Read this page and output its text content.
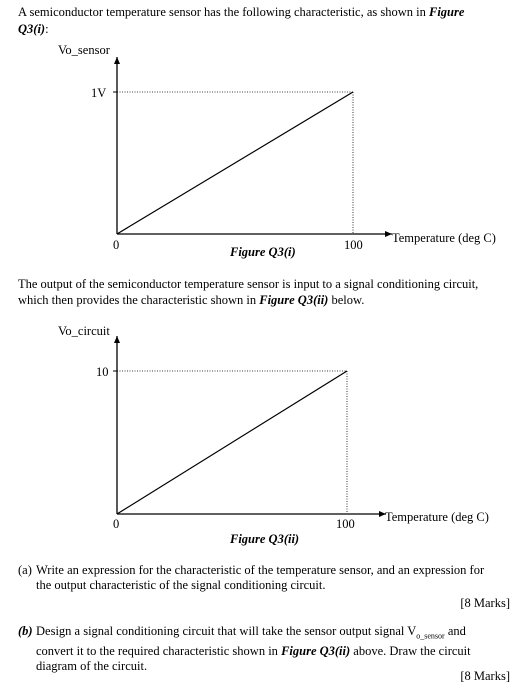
A semiconductor temperature sensor has the following characteristic, as shown in Figure
Q3(i):
Vo_sensor
1V
0	100 Temperature (deg C)
Figure Q3(i)
The output of the semiconductor temperature sensor is input to a signal conditioning circuit,
which then provides the characteristic shown in Figure Q3(ii) below.
Vo_circuit
10
0	100 Temperature (deg C)
Figure Q3(ii)
(a) Write an expression for the characteristic of the temperature sensor, and an expression for
the output characteristic of the signal conditioning circuit.
[8 Marks]
(b) Design a signal conditioning circuit that will take the sensor output signal $V_{o\_sensor}$ and
convert it to the required characteristic shown in Figure Q3(ii) above. Draw the circuit
diagram of the circuit.
[8 Marks]
